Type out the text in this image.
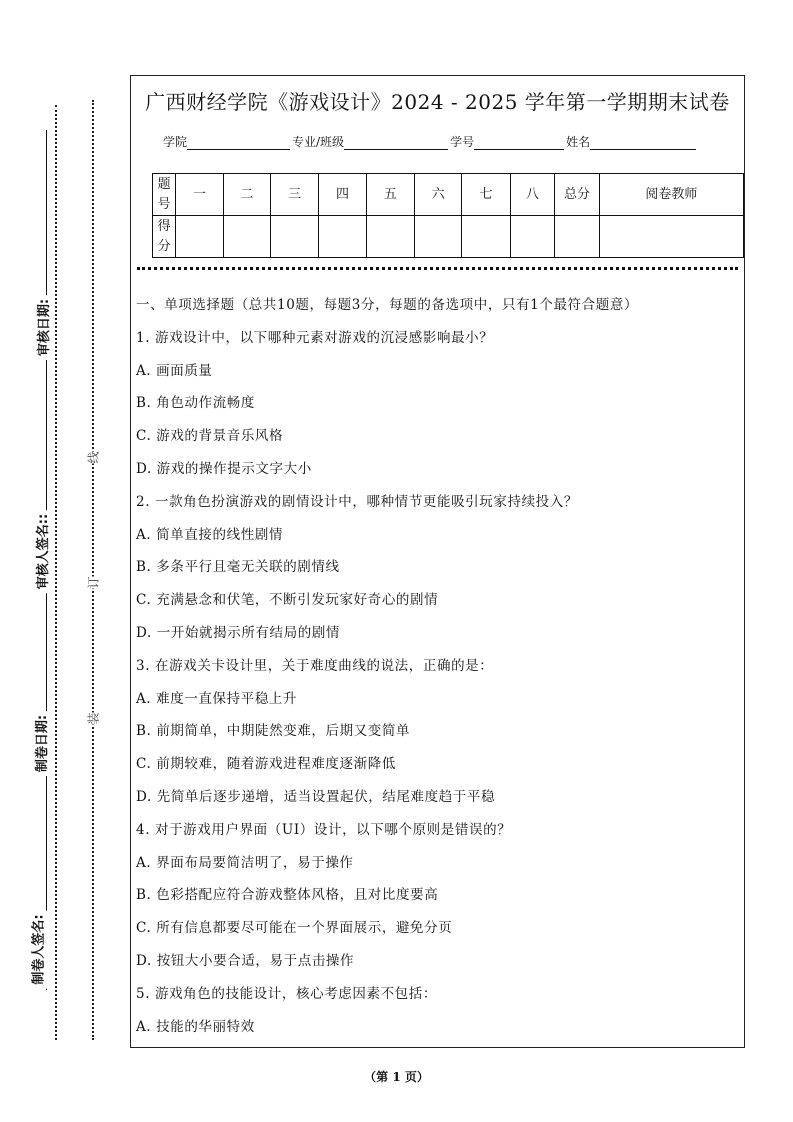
审核日期:
审核人签名::
制卷日期:
制卷人签名:
线
订
装
广西财经学院《游戏设计》2024 - 2025 学年第一学期期末试卷
学院	专业/班级	学号	姓名
题号	一	二	三	四	五	六	七	八	总分	阅卷教师
得分										
一、单项选择题（总共10题，每题3分，每题的备选项中，只有1个最符合题意）
1. 游戏设计中，以下哪种元素对游戏的沉浸感影响最小？
A. 画面质量
B. 角色动作流畅度
C. 游戏的背景音乐风格
D. 游戏的操作提示文字大小
2. 一款角色扮演游戏的剧情设计中，哪种情节更能吸引玩家持续投入？
A. 简单直接的线性剧情
B. 多条平行且毫无关联的剧情线
C. 充满悬念和伏笔，不断引发玩家好奇心的剧情
D. 一开始就揭示所有结局的剧情
3. 在游戏关卡设计里，关于难度曲线的说法，正确的是：
A. 难度一直保持平稳上升
B. 前期简单，中期陡然变难，后期又变简单
C. 前期较难，随着游戏进程难度逐渐降低
D. 先简单后逐步递增，适当设置起伏，结尾难度趋于平稳
4. 对于游戏用户界面（UI）设计，以下哪个原则是错误的？
A. 界面布局要简洁明了，易于操作
B. 色彩搭配应符合游戏整体风格，且对比度要高
C. 所有信息都要尽可能在一个界面展示，避免分页
D. 按钮大小要合适，易于点击操作
5. 游戏角色的技能设计，核心考虑因素不包括：
A. 技能的华丽特效
（第 1 页）
